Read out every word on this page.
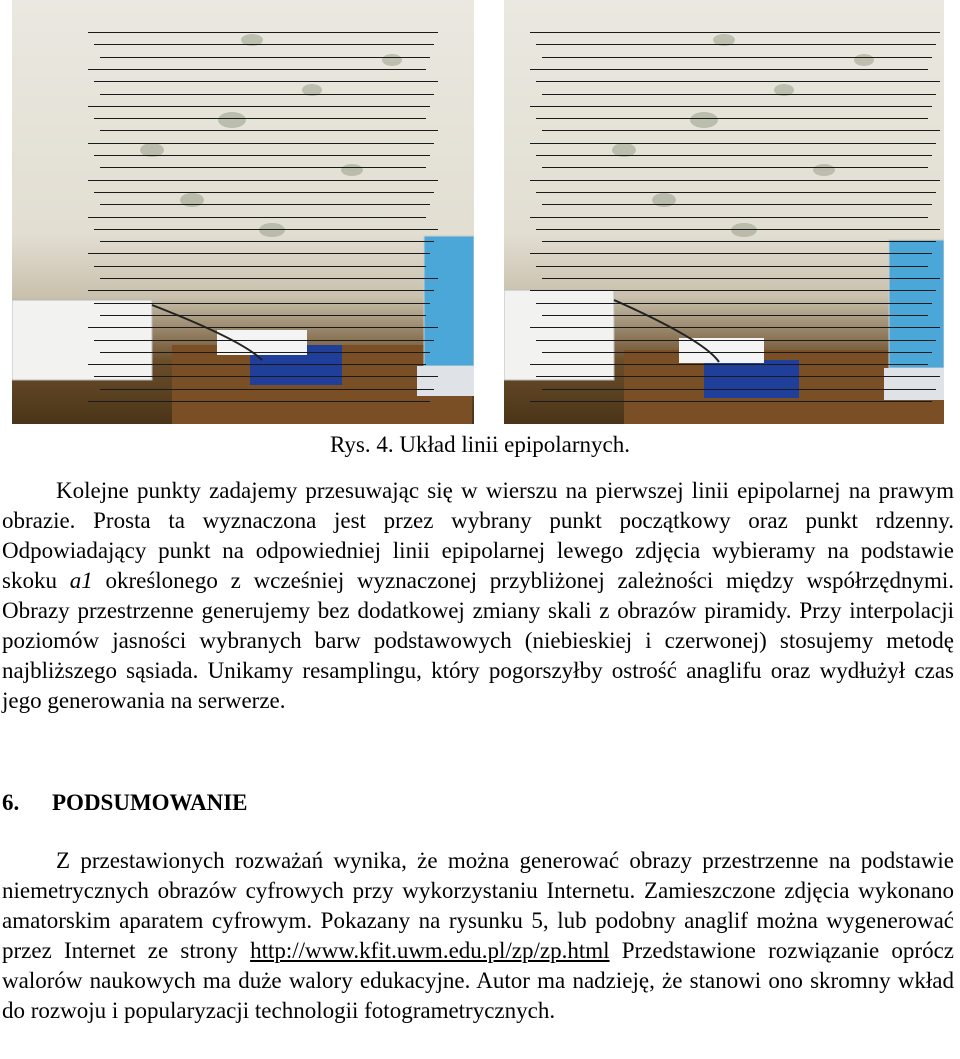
Rys. 4. Układ linii epipolarnych.

Kolejne punkty zadajemy przesuwając się w wierszu na pierwszej linii epipolarnej na prawym obrazie. Prosta ta wyznaczona jest przez wybrany punkt początkowy oraz punkt rdzenny. Odpowiadający punkt na odpowiedniej linii epipolarnej lewego zdjęcia wybieramy na podstawie skoku a1 określonego z wcześniej wyznaczonej przybliżonej zależności między współrzędnymi. Obrazy przestrzenne generujemy bez dodatkowej zmiany skali z obrazów piramidy. Przy interpolacji poziomów jasności wybranych barw podstawowych (niebieskiej i czerwonej) stosujemy metodę najbliższego sąsiada. Unikamy resamplingu, który pogorszyłby ostrość anaglifu oraz wydłużył czas jego generowania na serwerze.

6. PODSUMOWANIE

Z przestawionych rozważań wynika, że można generować obrazy przestrzenne na podstawie niemetrycznych obrazów cyfrowych przy wykorzystaniu Internetu. Zamieszczone zdjęcia wykonano amatorskim aparatem cyfrowym. Pokazany na rysunku 5, lub podobny anaglif można wygenerować przez Internet ze strony http://www.kfit.uwm.edu.pl/zp/zp.html Przedstawione rozwiązanie oprócz walorów naukowych ma duże walory edukacyjne. Autor ma nadzieję, że stanowi ono skromny wkład do rozwoju i popularyzacji technologii fotogrametrycznych.
